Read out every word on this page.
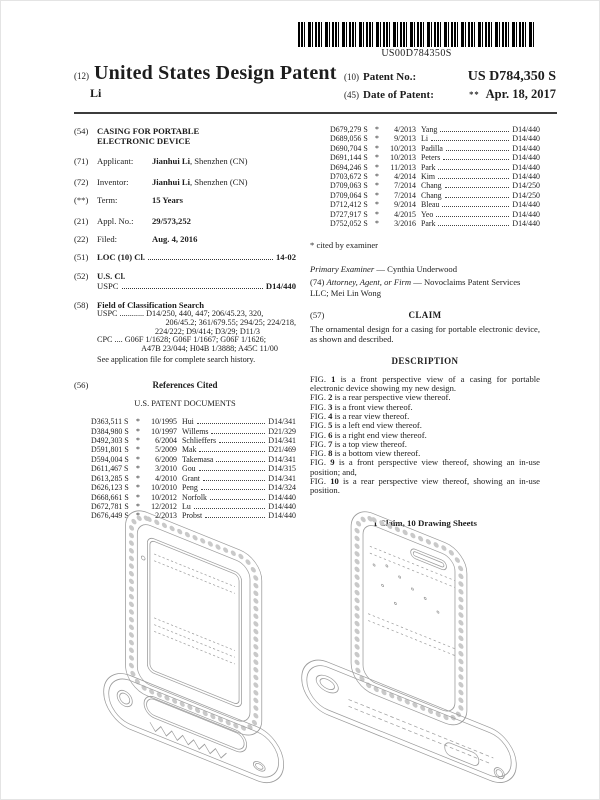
US00D784350S
(12) United States Design Patent
Li
(10) Patent No.:	US D784,350 S
(45) Date of Patent:	** Apr. 18, 2017
(54)	CASING FOR PORTABLE ELECTRONIC DEVICE
(71)	Applicant:	Jianhui Li, Shenzhen (CN)
(72)	Inventor:	Jianhui Li, Shenzhen (CN)
(**)	Term:	15 Years
(21)	Appl. No.:	29/573,252
(22)	Filed:	Aug. 4, 2016
(51)	LOC (10) Cl.	14-02
(52)	U.S. Cl.
USPC	D14/440
(58)	Field of Classification Search
USPC ............ D14/250, 440, 447; 206/45.23, 320,
206/45.2; 361/679.55; 294/25; 224/218,
224/222; D9/414; D3/29; D11/3
CPC .... G06F 1/1628; G06F 1/1667; G06F 1/1626;
A47B 23/044; H04B 1/3888; A45C 11/00
See application file for complete search history.
(56)	References Cited
U.S. PATENT DOCUMENTS
D363,511 S *	10/1995 Hui	D14/341
D384,980 S *	10/1997 Willems	D21/329
D492,303 S *	6/2004 Schlieffers	D14/341
D591,801 S *	5/2009 Mak	D21/469
D594,004 S *	6/2009 Takemasa	D14/341
D611,467 S *	3/2010 Gou	D14/315
D613,285 S *	4/2010 Grant	D14/341
D626,123 S *	10/2010 Peng	D14/324
D668,661 S *	10/2012 Norfolk	D14/440
D672,781 S *	12/2012 Lu	D14/440
D676,449 S *	2/2013 Probst	D14/440
D679,279 S *	4/2013 Yang	D14/440
D689,056 S *	9/2013 Li	D14/440
D690,704 S *	10/2013 Padilla	D14/440
D691,144 S *	10/2013 Peters	D14/440
D694,246 S *	11/2013 Park	D14/440
D703,672 S *	4/2014 Kim	D14/440
D709,063 S *	7/2014 Chang	D14/250
D709,064 S *	7/2014 Chang	D14/250
D712,412 S *	9/2014 Bleau	D14/440
D727,917 S *	4/2015 Yeo	D14/440
D752,052 S *	3/2016 Park	D14/440
* cited by examiner

Primary Examiner — Cynthia Underwood

(74) Attorney, Agent, or Firm — Novoclaims Patent Services LLC; Mei Lin Wong

(57)	CLAIM

The ornamental design for a casing for portable electronic device, as shown and described.

DESCRIPTION

FIG. 1 is a front perspective view of a casing for portable electronic device showing my new design.

FIG. 2 is a rear perspective view thereof.

FIG. 3 is a front view thereof.

FIG. 4 is a rear view thereof.

FIG. 5 is a left end view thereof.

FIG. 6 is a right end view thereof.

FIG. 7 is a top view thereof.

FIG. 8 is a bottom view thereof.

FIG. 9 is a front perspective view thereof, showing an in-use position; and,

FIG. 10 is a rear perspective view thereof, showing an in-use position.

1 Claim, 10 Drawing Sheets
